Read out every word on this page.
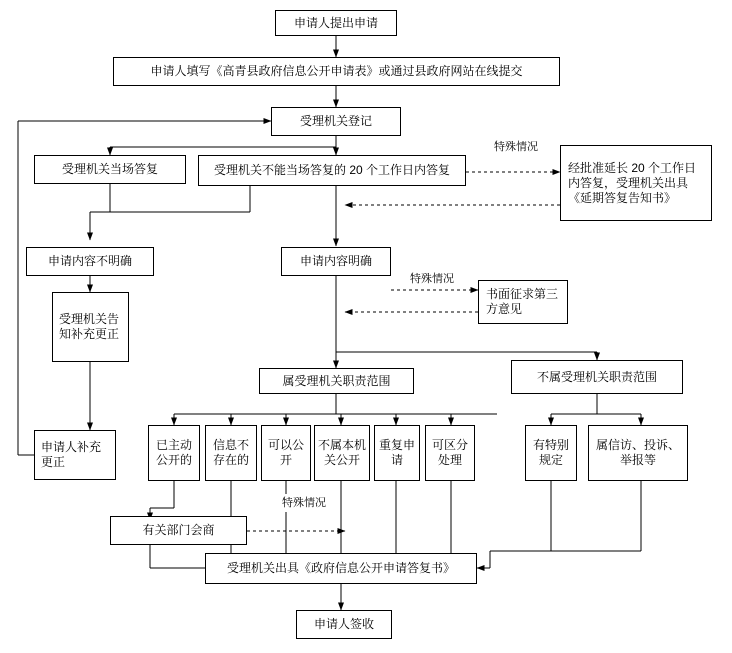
申请人提出申请
申请人填写《高青县政府信息公开申请表》或通过县政府网站在线提交
受理机关登记
受理机关当场答复	受理机关不能当场答复的 20 个工作日内答复	经批准延长 20 个工作日内答复，受理机关出具《延期答复告知书》
申请内容不明确	申请内容明确
书面征求第三方意见
受理机关告知补充更正
申请人补充更正
属受理机关职责范围	不属受理机关职责范围
已主动公开的
信息不存在的
可以公开
不属本机关公开
重复申请
可区分处理
有特别规定
属信访、投诉、举报等
有关部门会商
受理机关出具《政府信息公开申请答复书》
申请人签收
特殊情况
特殊情况
特殊情况
